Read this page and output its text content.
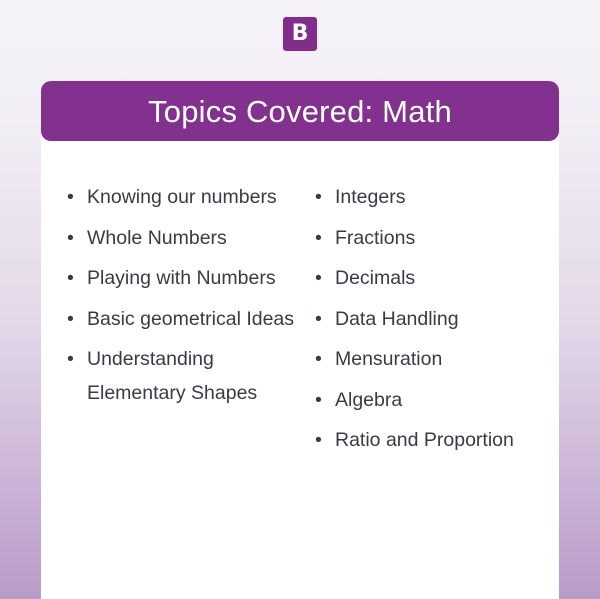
B
Topics Covered: Math
• Knowing our numbers
• Whole Numbers
• Playing with Numbers
• Basic geometrical Ideas
• Understanding Elementary Shapes
• Integers
• Fractions
• Decimals
• Data Handling
• Mensuration
• Algebra
• Ratio and Proportion
